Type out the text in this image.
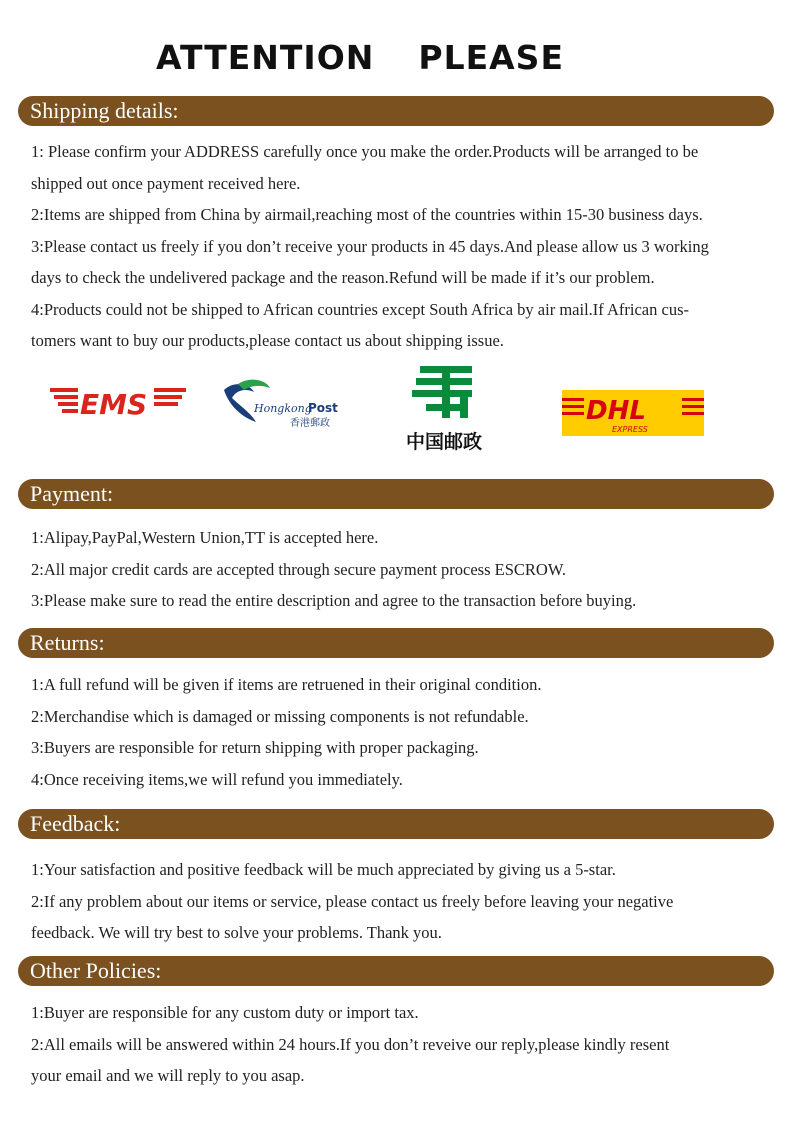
ATTENTION PLEASE
Shipping details:

1: Please confirm your ADDRESS carefully once you make the order.Products will be arranged to be

shipped out once payment received here.

2:Items are shipped from China by airmail,reaching most of the countries within 15-30 business days.

3:Please contact us freely if you don’t receive your products in 45 days.And please allow us 3 working

days to check the undelivered package and the reason.Refund will be made if it’s our problem.

4:Products could not be shipped to African countries except South Africa by air mail.If African cus-

tomers want to buy our products,please contact us about shipping issue.

EMS	Hongkong
Post
香港郵政
中国邮政
DHL
EXPRESS
Payment:

1:Alipay,PayPal,Western Union,TT is accepted here.

2:All major credit cards are accepted through secure payment process ESCROW.

3:Please make sure to read the entire description and agree to the transaction before buying.

Returns:

1:A full refund will be given if items are retruened in their original condition.

2:Merchandise which is damaged or missing components is not refundable.

3:Buyers are responsible for return shipping with proper packaging.

4:Once receiving items,we will refund you immediately.

Feedback:

1:Your satisfaction and positive feedback will be much appreciated by giving us a 5-star.

2:If any problem about our items or service, please contact us freely before leaving your negative

feedback. We will try best to solve your problems. Thank you.

Other Policies:

1:Buyer are responsible for any custom duty or import tax.

2:All emails will be answered within 24 hours.If you don’t reveive our reply,please kindly resent

your email and we will reply to you asap.
